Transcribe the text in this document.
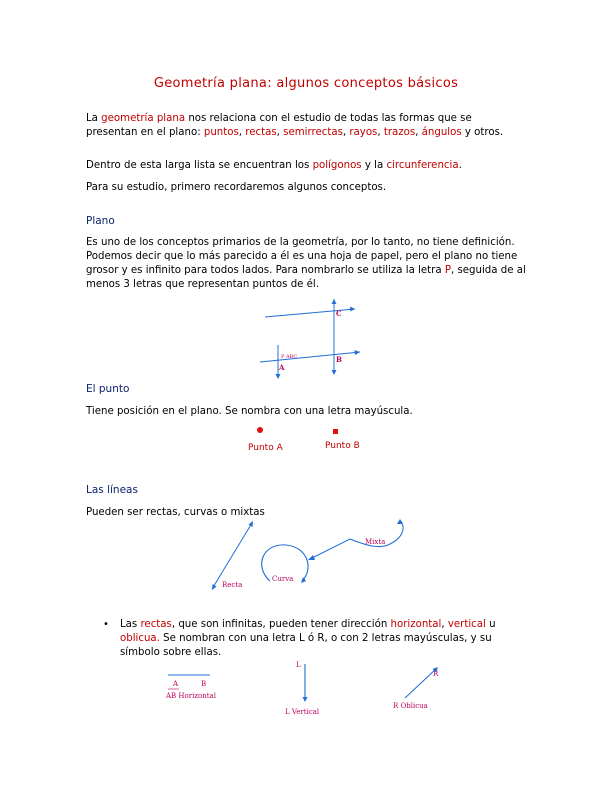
Geometría plana: algunos conceptos básicos
La geometría plana nos relaciona con el estudio de todas las formas que se presentan en el plano: puntos, rectas, semirrectas, rayos, trazos, ángulos y otros.
Dentro de esta larga lista se encuentran los polígonos y la circunferencia.
Para su estudio, primero recordaremos algunos conceptos.
Plano
Es uno de los conceptos primarios de la geometría, por lo tanto, no tiene definición. Podemos decir que lo más parecido a él es una hoja de papel, pero el plano no tiene grosor y es infinito para todos lados. Para nombrarlo se utiliza la letra P, seguida de al menos 3 letras que representan puntos de él.
P ABC
C
B
A
El punto
Tiene posición en el plano. Se nombra con una letra mayúscula.
Punto A	Punto B
Las líneas
Pueden ser rectas, curvas o mixtas
Recta
Curva
Mixta
• Las rectas, que son infinitas, pueden tener dirección horizontal, vertical u oblicua. Se nombran con una letra L ó R, o con 2 letras mayúsculas, y su símbolo sobre ellas.
A	B
AB Horizontal
L
L Vertical
R
R Oblicua
